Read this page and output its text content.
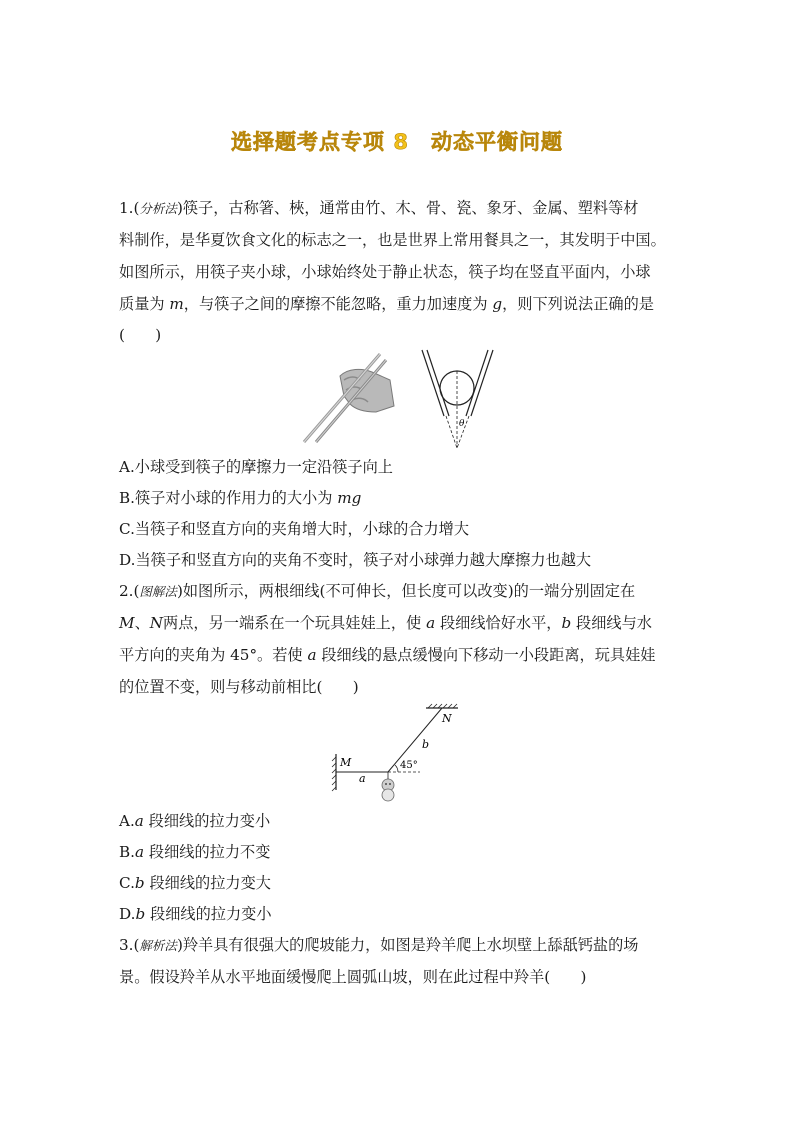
选择题考点专项 8 动态平衡问题
1.(分析法)筷子，古称箸、梜，通常由竹、木、骨、瓷、象牙、金属、塑料等材
料制作，是华夏饮食文化的标志之一，也是世界上常用餐具之一，其发明于中国。
如图所示，用筷子夹小球，小球始终处于静止状态，筷子均在竖直平面内，小球
质量为 m，与筷子之间的摩擦不能忽略，重力加速度为 g，则下列说法正确的是
(　　)
θ
A.小球受到筷子的摩擦力一定沿筷子向上
B.筷子对小球的作用力的大小为 mg
C.当筷子和竖直方向的夹角增大时，小球的合力增大
D.当筷子和竖直方向的夹角不变时，筷子对小球弹力越大摩擦力也越大
2.(图解法)如图所示，两根细线(不可伸长，但长度可以改变)的一端分别固定在
M、N两点，另一端系在一个玩具娃娃上，使 a 段细线恰好水平，b 段细线与水
平方向的夹角为 45°。若使 a 段细线的悬点缓慢向下移动一小段距离，玩具娃娃
的位置不变，则与移动前相比(　　)
M
N
a
b
45°
A.a 段细线的拉力变小
B.a 段细线的拉力不变
C.b 段细线的拉力变大
D.b 段细线的拉力变小
3.(解析法)羚羊具有很强大的爬坡能力，如图是羚羊爬上水坝壁上舔舐钙盐的场
景。假设羚羊从水平地面缓慢爬上圆弧山坡，则在此过程中羚羊(　　)
